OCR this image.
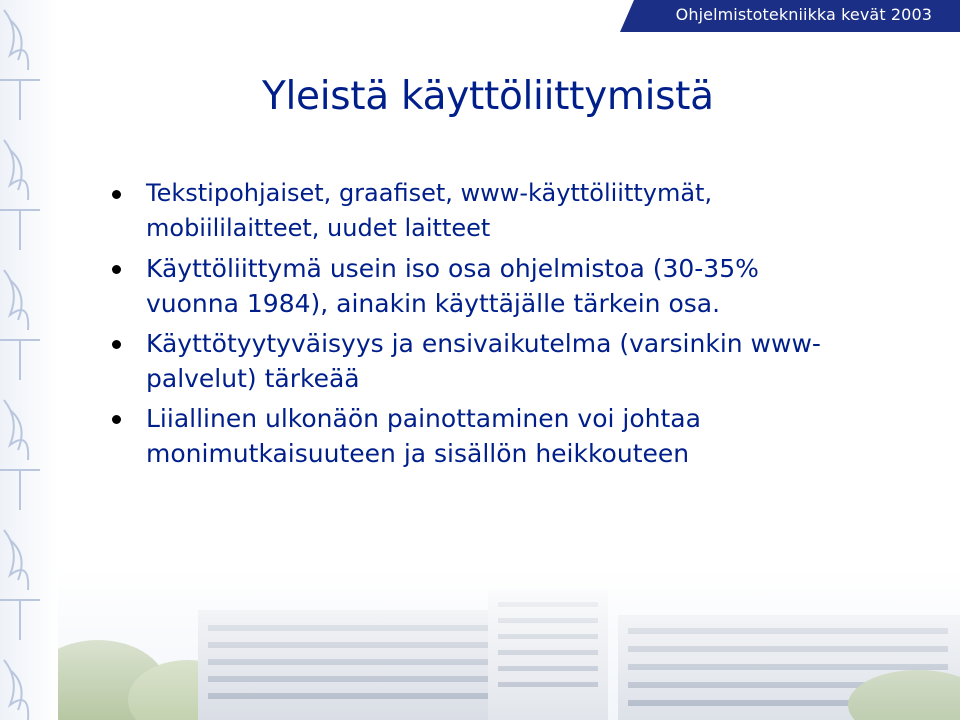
Ohjelmistotekniikka kevät 2003
Yleistä käyttöliittymistä
Tekstipohjaiset, graafiset, www-käyttöliittymät,
mobiililaitteet, uudet laitteet
Käyttöliittymä usein iso osa ohjelmistoa (30-35%
vuonna 1984), ainakin käyttäjälle tärkein osa.
Käyttötyytyväisyys ja ensivaikutelma (varsinkin www-
palvelut) tärkeää
Liiallinen ulkonäön painottaminen voi johtaa
monimutkaisuuteen ja sisällön heikkouteen
